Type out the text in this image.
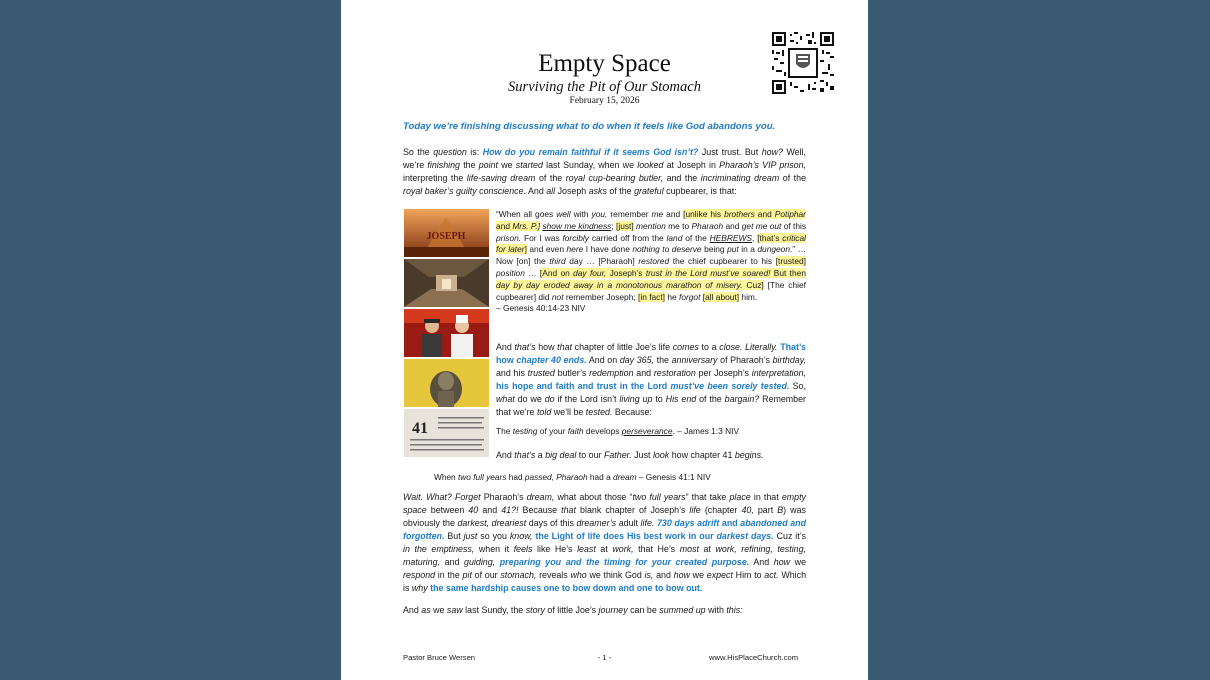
Empty Space
Surviving the Pit of Our Stomach
February 15, 2026
Today we’re finishing discussing what to do when it feels like God abandons you.
So the question is: How do you remain faithful if it seems God isn’t? Just trust. But how? Well, we’re finishing the point we started last Sunday, when we looked at Joseph in Pharaoh’s VIP prison, interpreting the life-saving dream of the royal cup-bearing butler, and the incriminating dream of the royal baker’s guilty conscience. And all Joseph asks of the grateful cupbearer, is that:
JOSEPH
41
“When all goes well with you, remember me and [unlike his brothers and Potiphar and Mrs. P.] show me kindness; [just] mention me to Pharaoh and get me out of this prison. For I was forcibly carried off from the land of the HEBREWS, [that’s critical for later] and even here I have done nothing to deserve being put in a dungeon.” … Now [on] the third day … [Pharaoh] restored the chief cupbearer to his [trusted] position … [And on day four, Joseph’s trust in the Lord must’ve soared! But then day by day eroded away in a monotonous marathon of misery. Cuz] [The chief cupbearer] did not remember Joseph; [in fact] he forgot [all about] him.
– Genesis 40:14-23 NIV
And that’s how that chapter of little Joe’s life comes to a close. Literally. That’s how chapter 40 ends. And on day 365, the anniversary of Pharaoh’s birthday, and his trusted butler’s redemption and restoration per Joseph’s interpretation, his hope and faith and trust in the Lord must’ve been sorely tested. So, what do we do if the Lord isn’t living up to His end of the bargain? Remember that we’re told we’ll be tested. Because:
The testing of your faith develops perseverance. – James 1:3 NIV
And that’s a big deal to our Father. Just look how chapter 41 begins.
When two full years had passed, Pharaoh had a dream – Genesis 41:1 NIV
Wait. What? Forget Pharaoh’s dream, what about those “two full years” that take place in that empty space between 40 and 41?! Because that blank chapter of Joseph’s life (chapter 40, part B) was obviously the darkest, dreariest days of this dreamer’s adult life. 730 days adrift and abandoned and forgotten. But just so you know, the Light of life does His best work in our darkest days. Cuz it’s in the emptiness, when it feels like He’s least at work, that He’s most at work, refining, testing, maturing, and guiding, preparing you and the timing for your created purpose. And how we respond in the pit of our stomach, reveals who we think God is, and how we expect Him to act. Which is why the same hardship causes one to bow down and one to bow out.
And as we saw last Sundy, the story of little Joe’s journey can be summed up with this:
Pastor Bruce Wersen	- 1 -	www.HisPlaceChurch.com
